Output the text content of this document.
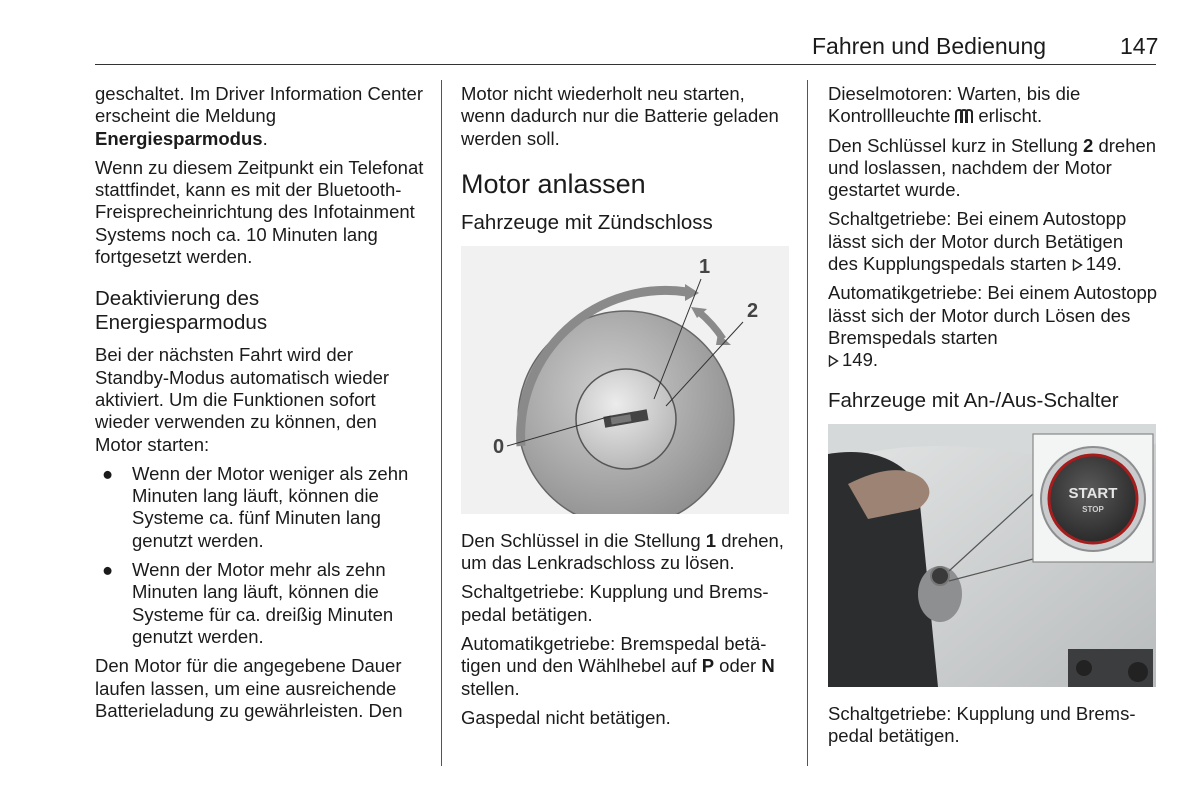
Fahren und Bedienung	147

geschaltet. Im Driver Information Center erscheint die Meldung Energiesparmodus.

Wenn zu diesem Zeitpunkt ein Telefonat stattfindet, kann es mit der Bluetooth-Freisprecheinrichtung des Infotainment Systems noch ca. 10 Minuten lang fortgesetzt werden.

Deaktivierung des Energiesparmodus

Bei der nächsten Fahrt wird der Standby-Modus automatisch wieder aktiviert. Um die Funktionen sofort wieder verwenden zu können, den Motor starten:

● Wenn der Motor weniger als zehn Minuten lang läuft, können die Systeme ca. fünf Minuten lang genutzt werden.
● Wenn der Motor mehr als zehn Minuten lang läuft, können die Systeme für ca. dreißig Minuten genutzt werden.

Den Motor für die angegebene Dauer laufen lassen, um eine ausreichende Batterieladung zu gewährleisten. Den

Motor nicht wiederholt neu starten, wenn dadurch nur die Batterie geladen werden soll.

Motor anlassen
Fahrzeuge mit Zündschloss
0
1
2

Den Schlüssel in die Stellung 1 drehen, um das Lenkradschloss zu lösen.

Schaltgetriebe: Kupplung und Bremspedal betätigen.

Automatikgetriebe: Bremspedal betätigen und den Wählhebel auf P oder N stellen.

Gaspedal nicht betätigen.

Dieselmotoren: Warten, bis die Kontrollleuchte erlischt.

Den Schlüssel kurz in Stellung 2 drehen und loslassen, nachdem der Motor gestartet wurde.

Schaltgetriebe: Bei einem Autostopp lässt sich der Motor durch Betätigen des Kupplungspedals starten 149.

Automatikgetriebe: Bei einem Autostopp lässt sich der Motor durch Lösen des Bremspedals starten
149.

Fahrzeuge mit An-/Aus-Schalter
START
STOP

Schaltgetriebe: Kupplung und Bremspedal betätigen.
